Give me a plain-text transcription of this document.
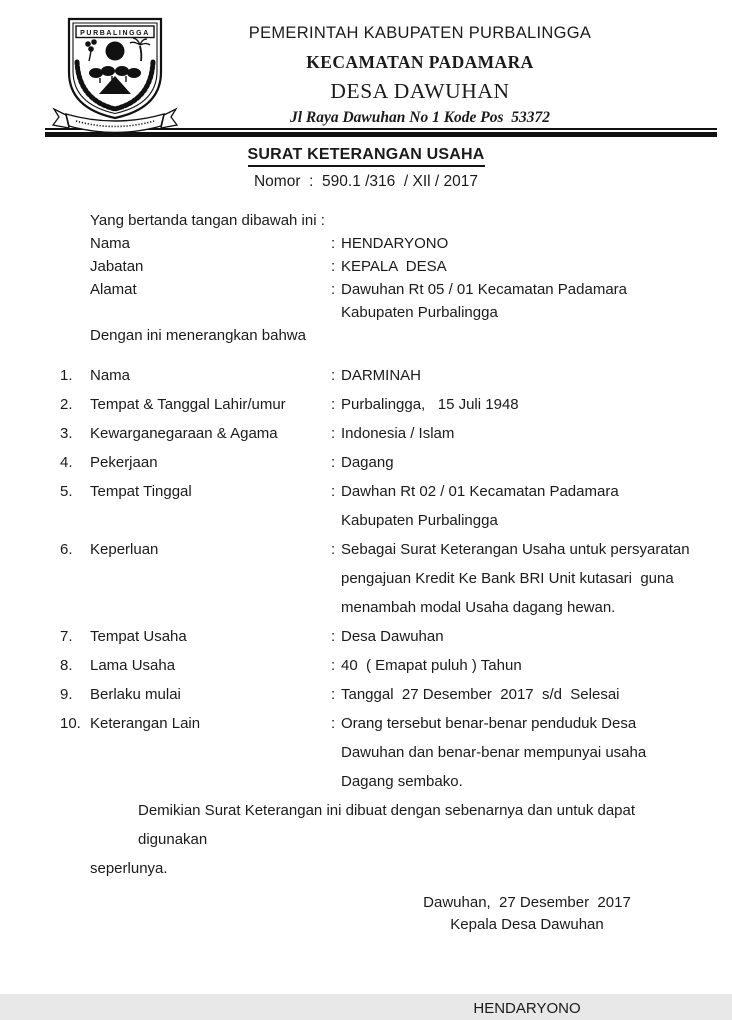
PURBALINGGA	PEMERINTAH KABUPATEN PURBALINGGA
KECAMATAN PADAMARA
DESA DAWUHAN
Jl Raya Dawuhan No 1 Kode Pos  53372
SURAT KETERANGAN USAHA
Nomor  :  590.1 /316  / XIl / 2017
Yang bertanda tangan dibawah ini :
Nama	: HENDARYONO
Jabatan	: KEPALA  DESA
Alamat	: Dawuhan Rt 05 / 01 Kecamatan Padamara
Kabupaten Purbalingga
Dengan ini menerangkan bahwa
1.	Nama	: DARMINAH
2.	Tempat & Tanggal Lahir/umur	: Purbalingga,   15 Juli 1948
3.	Kewarganegaraan & Agama	: Indonesia / Islam
4.	Pekerjaan	: Dagang
5.	Tempat Tinggal	: Dawhan Rt 02 / 01 Kecamatan Padamara
Kabupaten Purbalingga
6.	Keperluan	: Sebagai Surat Keterangan Usaha untuk persyaratan
pengajuan Kredit Ke Bank BRI Unit kutasari  guna
menambah modal Usaha dagang hewan.
7.	Tempat Usaha	: Desa Dawuhan
8.	Lama Usaha	: 40  ( Emapat puluh ) Tahun
9.	Berlaku mulai	: Tanggal  27 Desember  2017  s/d  Selesai
10. Keterangan Lain	: Orang tersebut benar-benar penduduk Desa
Dawuhan dan benar-benar mempunyai usaha
Dagang sembako.
Demikian Surat Keterangan ini dibuat dengan sebenarnya dan untuk dapat digunakan
seperlunya.
Dawuhan,  27 Desember  2017
Kepala Desa Dawuhan
HENDARYONO
